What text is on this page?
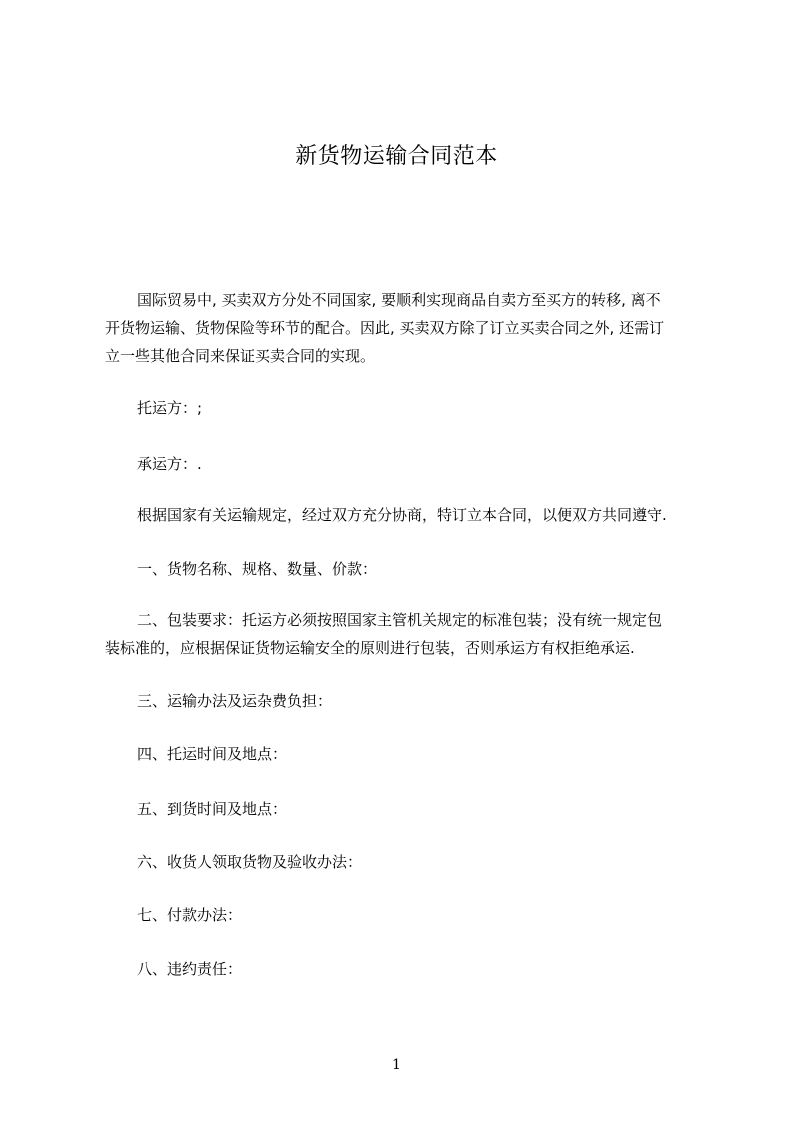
新货物运输合同范本
国际贸易中, 买卖双方分处不同国家, 要顺利实现商品自卖方至买方的转移, 离不
开货物运输、货物保险等环节的配合。因此, 买卖双方除了订立买卖合同之外, 还需订
立一些其他合同来保证买卖合同的实现。
托运方：;
承运方：.
根据国家有关运输规定，经过双方充分协商，特订立本合同，以便双方共同遵守.
一、货物名称、规格、数量、价款：
二、包装要求：托运方必须按照国家主管机关规定的标准包装；没有统一规定包
装标准的，应根据保证货物运输安全的原则进行包装，否则承运方有权拒绝承运.
三、运输办法及运杂费负担：
四、托运时间及地点：
五、到货时间及地点：
六、收货人领取货物及验收办法：
七、付款办法：
八、违约责任：
1
